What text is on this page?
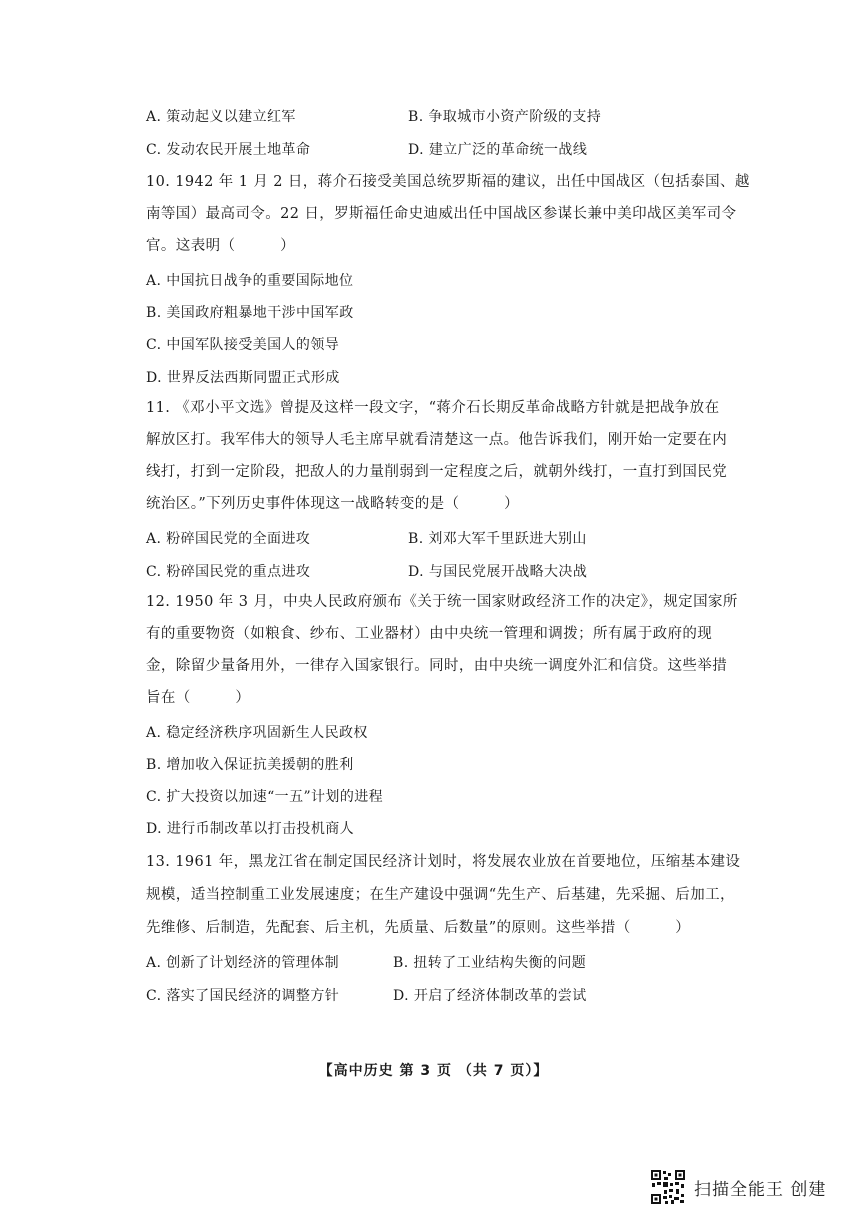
A. 策动起义以建立红军	B. 争取城市小资产阶级的支持
C. 发动农民开展土地革命	D. 建立广泛的革命统一战线
10. 1942 年 1 月 2 日，蒋介石接受美国总统罗斯福的建议，出任中国战区（包括泰国、越
南等国）最高司令。22 日，罗斯福任命史迪威出任中国战区参谋长兼中美印战区美军司令
官。这表明（　　　）
A. 中国抗日战争的重要国际地位
B. 美国政府粗暴地干涉中国军政
C. 中国军队接受美国人的领导
D. 世界反法西斯同盟正式形成
11. 《邓小平文选》曾提及这样一段文字，“蒋介石长期反革命战略方针就是把战争放在
解放区打。我军伟大的领导人毛主席早就看清楚这一点。他告诉我们，刚开始一定要在内
线打，打到一定阶段，把敌人的力量削弱到一定程度之后，就朝外线打，一直打到国民党
统治区。”下列历史事件体现这一战略转变的是（　　　）
A. 粉碎国民党的全面进攻	B. 刘邓大军千里跃进大别山
C. 粉碎国民党的重点进攻	D. 与国民党展开战略大决战
12. 1950 年 3 月，中央人民政府颁布《关于统一国家财政经济工作的决定》，规定国家所
有的重要物资（如粮食、纱布、工业器材）由中央统一管理和调拨；所有属于政府的现
金，除留少量备用外，一律存入国家银行。同时，由中央统一调度外汇和信贷。这些举措
旨在（　　　）
A. 稳定经济秩序巩固新生人民政权
B. 增加收入保证抗美援朝的胜利
C. 扩大投资以加速“一五”计划的进程
D. 进行币制改革以打击投机商人
13. 1961 年，黑龙江省在制定国民经济计划时，将发展农业放在首要地位，压缩基本建设
规模，适当控制重工业发展速度；在生产建设中强调“先生产、后基建，先采掘、后加工，
先维修、后制造，先配套、后主机，先质量、后数量”的原则。这些举措（　　　）
A. 创新了计划经济的管理体制	B. 扭转了工业结构失衡的问题
C. 落实了国民经济的调整方针	D. 开启了经济体制改革的尝试
【高中历史 第 3 页 （共 7 页）】
扫描全能王 创建
